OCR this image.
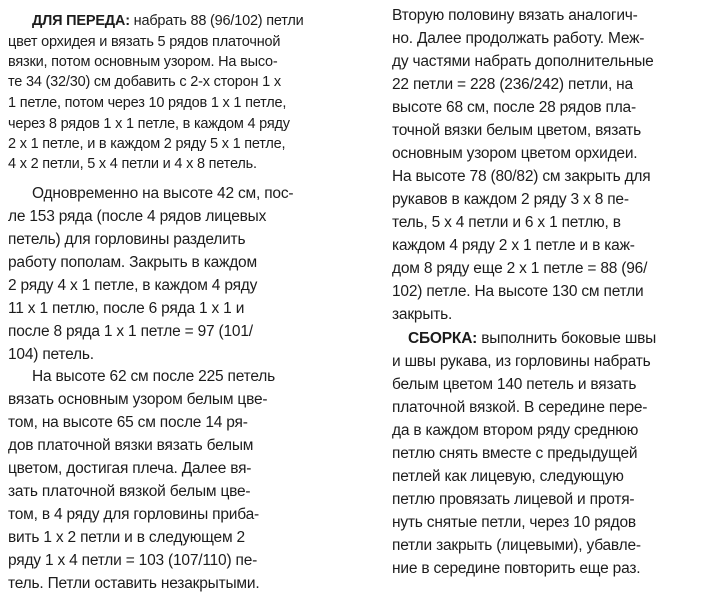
ДЛЯ ПЕРЕДА: набрать 88 (96/102) петли
цвет орхидея и вязать 5 рядов платочной
вязки, потом основным узором. На высо-
те 34 (32/30) см добавить с 2-х сторон 1 х
1 петле, потом через 10 рядов 1 х 1 петле,
через 8 рядов 1 х 1 петле, в каждом 4 ряду
2 х 1 петле, и в каждом 2 ряду 5 х 1 петле,
4 х 2 петли, 5 х 4 петли и 4 х 8 петель.
Одновременно на высоте 42 см, пос-
ле 153 ряда (после 4 рядов лицевых
петель) для горловины разделить
работу пополам. Закрыть в каждом
2 ряду 4 х 1 петле, в каждом 4 ряду
11 х 1 петлю, после 6 ряда 1 х 1 и
после 8 ряда 1 х 1 петле = 97 (101/
104) петель.
На высоте 62 см после 225 петель
вязать основным узором белым цве-
том, на высоте 65 см после 14 ря-
дов платочной вязки вязать белым
цветом, достигая плеча. Далее вя-
зать платочной вязкой белым цве-
том, в 4 ряду для горловины приба-
вить 1 х 2 петли и в следующем 2
ряду 1 х 4 петли = 103 (107/110) пе-
тель. Петли оставить незакрытыми.
Вторую половину вязать аналогич-
но. Далее продолжать работу. Меж-
ду частями набрать дополнительные
22 петли = 228 (236/242) петли, на
высоте 68 см, после 28 рядов пла-
точной вязки белым цветом, вязать
основным узором цветом орхидеи.
На высоте 78 (80/82) см закрыть для
рукавов в каждом 2 ряду 3 х 8 пе-
тель, 5 х 4 петли и 6 х 1 петлю, в
каждом 4 ряду 2 х 1 петле и в каж-
дом 8 ряду еще 2 х 1 петле = 88 (96/
102) петле. На высоте 130 см петли
закрыть.
СБОРКА: выполнить боковые швы
и швы рукава, из горловины набрать
белым цветом 140 петель и вязать
платочной вязкой. В середине пере-
да в каждом втором ряду среднюю
петлю снять вместе с предыдущей
петлей как лицевую, следующую
петлю провязать лицевой и протя-
нуть снятые петли, через 10 рядов
петли закрыть (лицевыми), убавле-
ние в середине повторить еще раз.
